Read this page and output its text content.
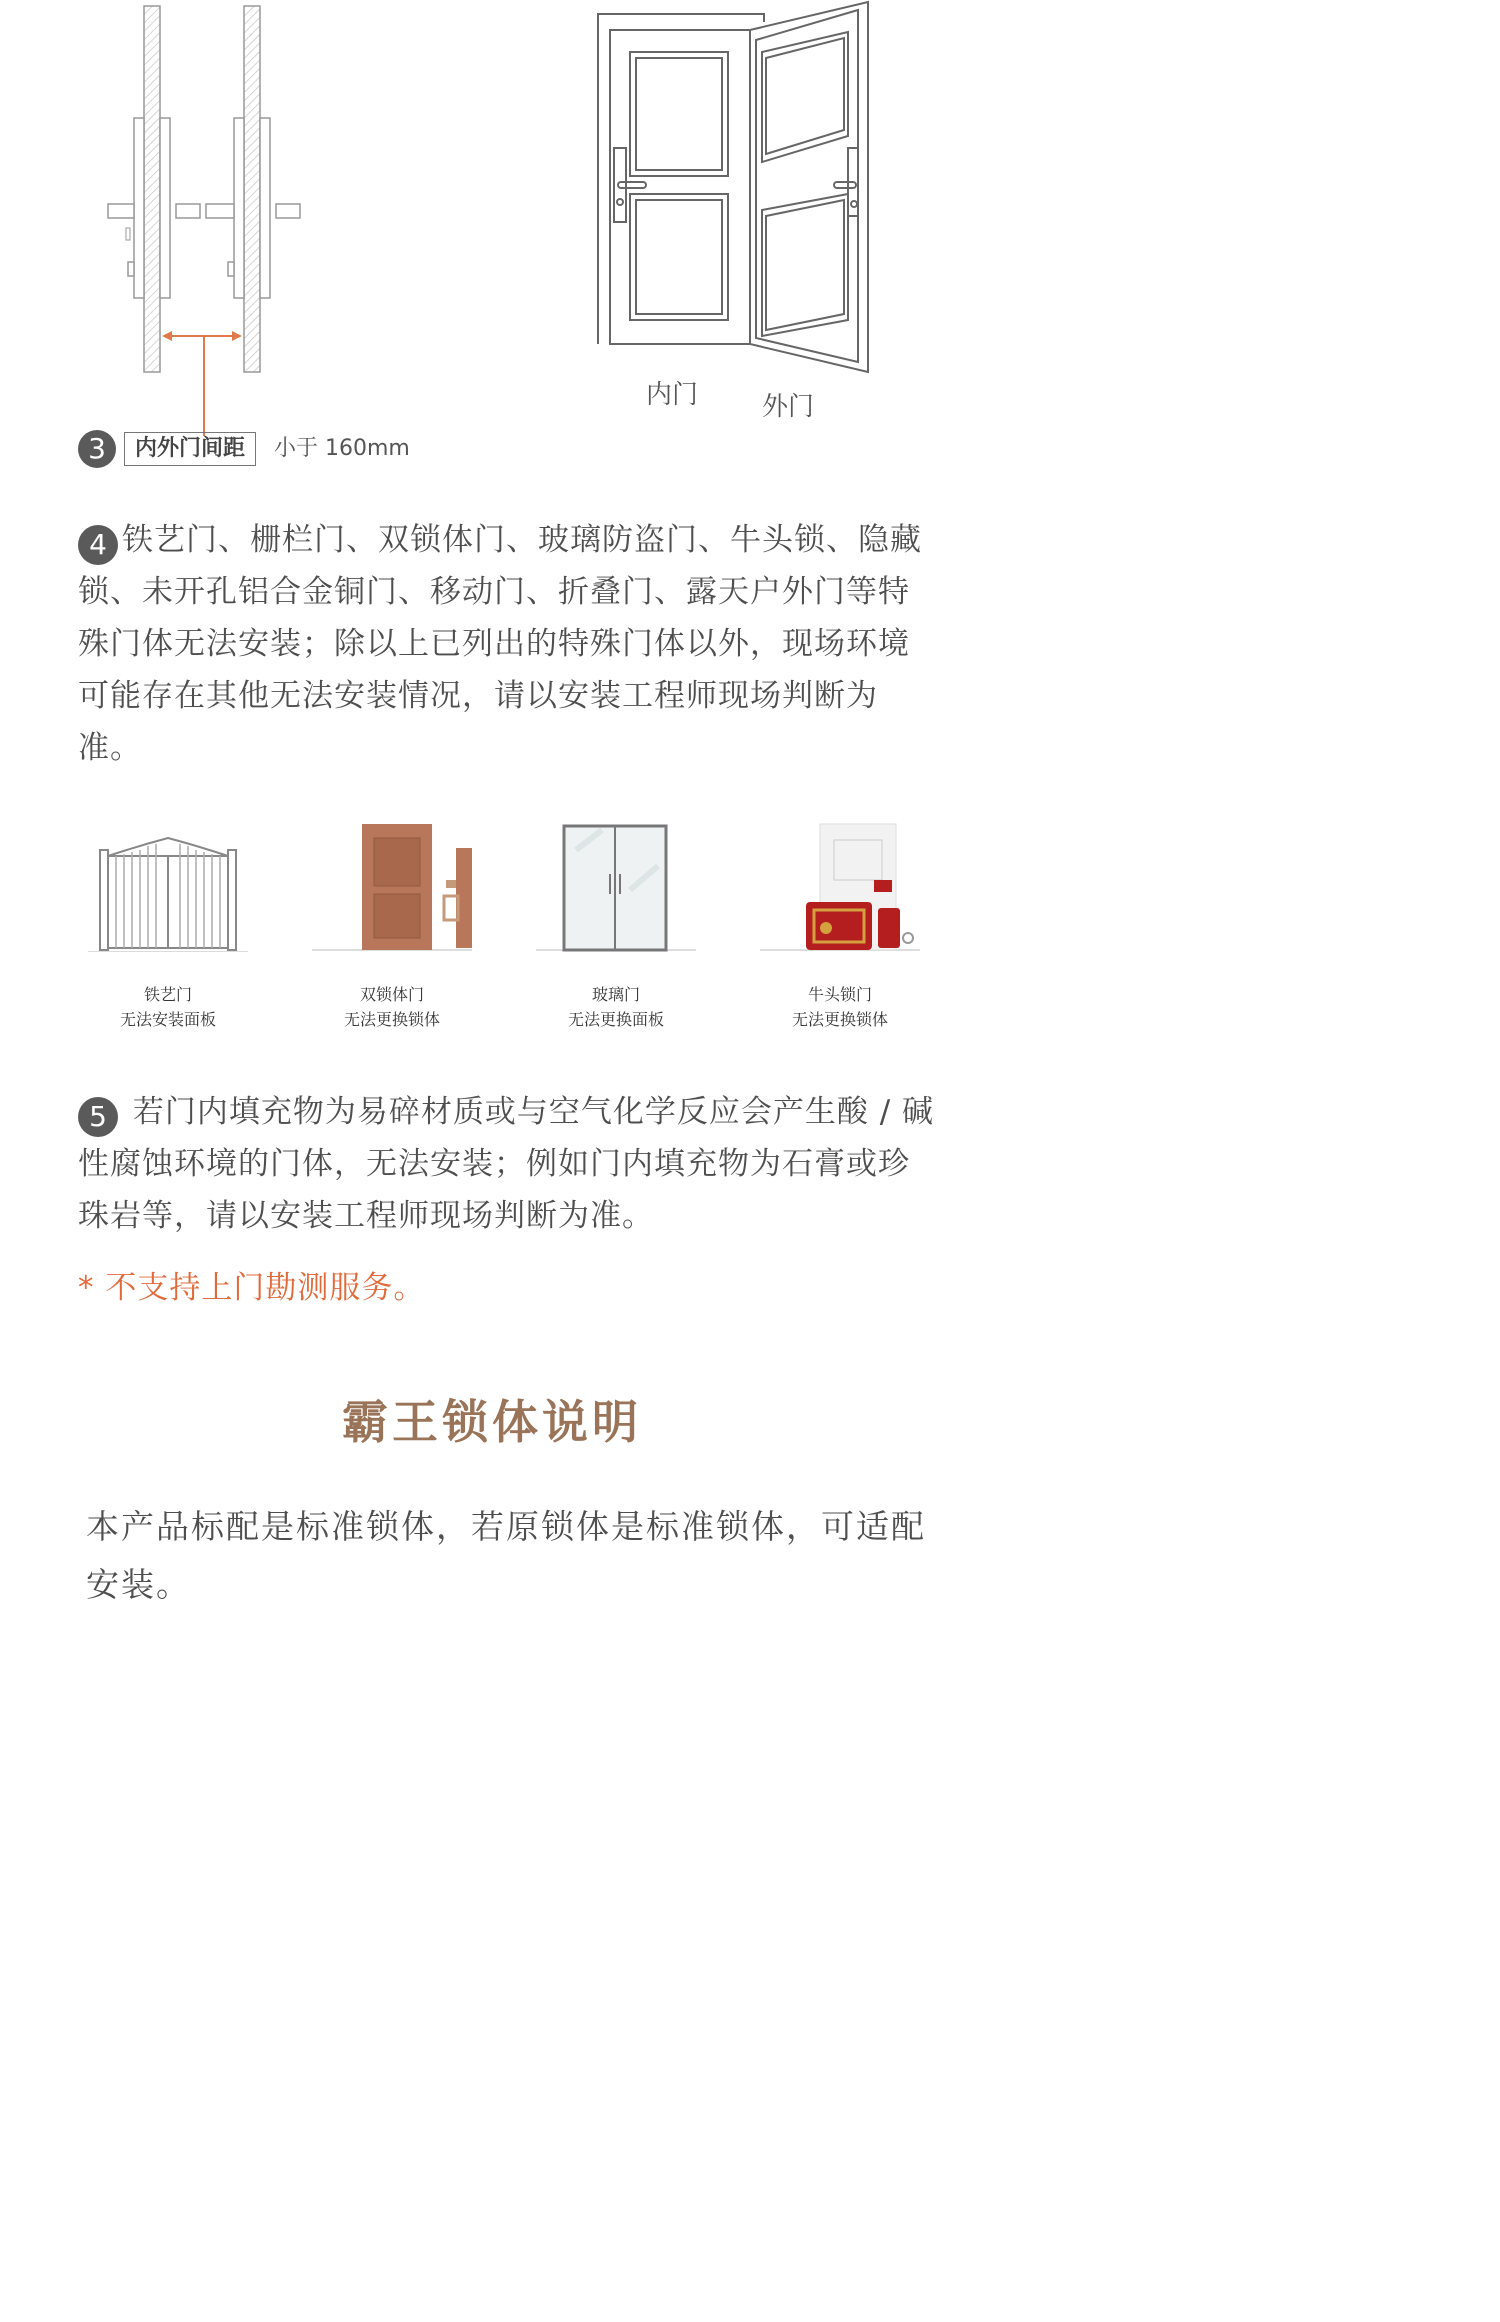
3	内外门间距	小于 160mm
内门 外门
4 铁艺门、栅栏门、双锁体门、玻璃防盗门、牛头锁、隐藏锁、未开孔铝合金铜门、移动门、折叠门、露天户外门等特殊门体无法安装；除以上已列出的特殊门体以外，现场环境可能存在其他无法安装情况，请以安装工程师现场判断为准。
铁艺门
无法安装面板
双锁体门
无法更换锁体
玻璃门
无法更换面板
牛头锁门
无法更换锁体
5 若门内填充物为易碎材质或与空气化学反应会产生酸 / 碱性腐蚀环境的门体，无法安装；例如门内填充物为石膏或珍珠岩等，请以安装工程师现场判断为准。
* 不支持上门勘测服务。
霸王锁体说明
本产品标配是标准锁体，若原锁体是标准锁体，可适配安装。
